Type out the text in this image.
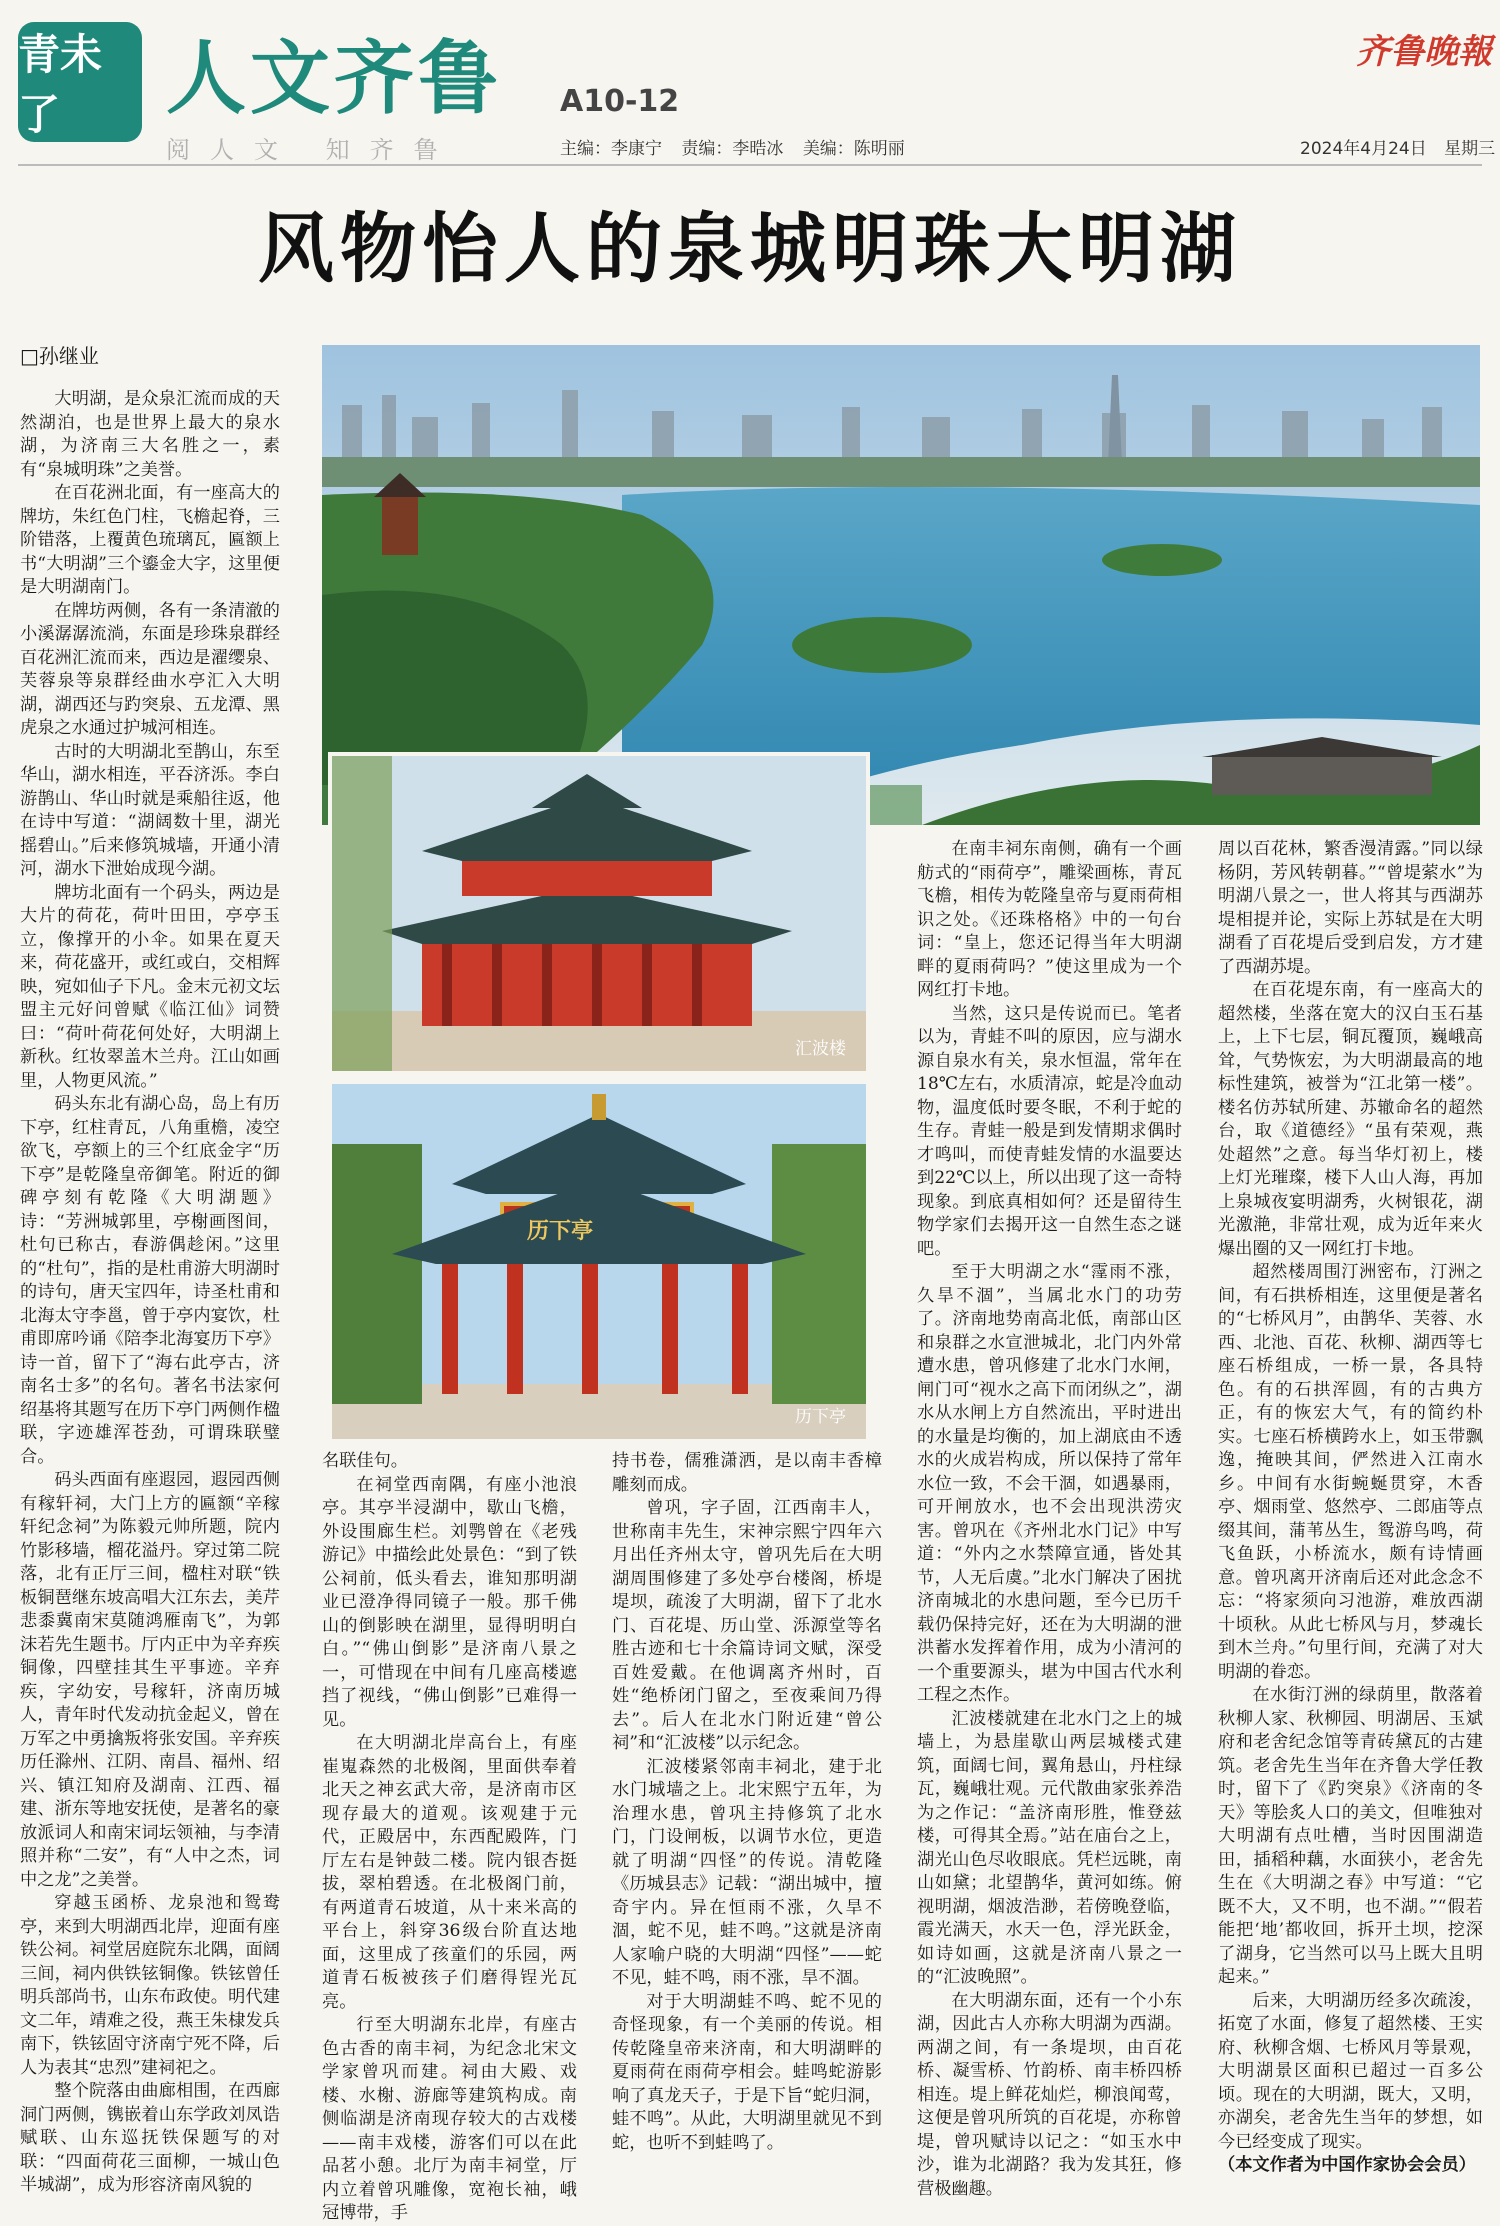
青未了	人文齐鲁 A10-12
阅人文 知齐鲁	主编：李康宁 责编：李晧冰 美编：陈明丽
齐鲁晚報
2024年4月24日 星期三
风物怡人的泉城明珠大明湖
□孙继业
汇波楼
历下亭
历下亭

大明湖，是众泉汇流而成的天然湖泊，也是世界上最大的泉水湖，为济南三大名胜之一，素有“泉城明珠”之美誉。

在百花洲北面，有一座高大的牌坊，朱红色门柱，飞檐起脊，三阶错落，上覆黄色琉璃瓦，匾额上书“大明湖”三个鎏金大字，这里便是大明湖南门。

在牌坊两侧，各有一条清澈的小溪潺潺流淌，东面是珍珠泉群经百花洲汇流而来，西边是濯缨泉、芙蓉泉等泉群经曲水亭汇入大明湖，湖西还与趵突泉、五龙潭、黑虎泉之水通过护城河相连。

古时的大明湖北至鹊山，东至华山，湖水相连，平吞济泺。李白游鹊山、华山时就是乘船往返，他在诗中写道：“湖阔数十里，湖光摇碧山。”后来修筑城墙，开通小清河，湖水下泄始成现今湖。

牌坊北面有一个码头，两边是大片的荷花，荷叶田田，亭亭玉立，像撑开的小伞。如果在夏天来，荷花盛开，或红或白，交相辉映，宛如仙子下凡。金末元初文坛盟主元好问曾赋《临江仙》词赞曰：“荷叶荷花何处好，大明湖上新秋。红妆翠盖木兰舟。江山如画里，人物更风流。”

码头东北有湖心岛，岛上有历下亭，红柱青瓦，八角重檐，凌空欲飞，亭额上的三个红底金字“历下亭”是乾隆皇帝御笔。附近的御碑亭刻有乾隆《大明湖题》诗：“芳洲城郭里，亭榭画图间，杜句已称古，春游偶趁闲。”这里的“杜句”，指的是杜甫游大明湖时的诗句，唐天宝四年，诗圣杜甫和北海太守李邕，曾于亭内宴饮，杜甫即席吟诵《陪李北海宴历下亭》诗一首，留下了“海右此亭古，济南名士多”的名句。著名书法家何绍基将其题写在历下亭门两侧作楹联，字迹雄浑苍劲，可谓珠联璧合。

码头西面有座遐园，遐园西侧有稼轩祠，大门上方的匾额“辛稼轩纪念祠”为陈毅元帅所题，院内竹影移墙，榴花溢丹。穿过第二院落，北有正厅三间，楹柱对联“铁板铜琶继东坡高唱大江东去，美芹悲黍冀南宋莫随鸿雁南飞”，为郭沫若先生题书。厅内正中为辛弃疾铜像，四壁挂其生平事迹。辛弃疾，字幼安，号稼轩，济南历城人，青年时代发动抗金起义，曾在万军之中勇擒叛将张安国。辛弃疾历任滁州、江阴、南昌、福州、绍兴、镇江知府及湖南、江西、福建、浙东等地安抚使，是著名的豪放派词人和南宋词坛领袖，与李清照并称“二安”，有“人中之杰，词中之龙”之美誉。

穿越玉函桥、龙泉池和鸳鸯亭，来到大明湖西北岸，迎面有座铁公祠。祠堂居庭院东北隅，面阔三间，祠内供铁铉铜像。铁铉曾任明兵部尚书，山东布政使。明代建文二年，靖难之役，燕王朱棣发兵南下，铁铉固守济南宁死不降，后人为表其“忠烈”建祠祀之。

整个院落由曲廊相围，在西廊洞门两侧，镌嵌着山东学政刘凤诰赋联、山东巡抚铁保题写的对联：“四面荷花三面柳，一城山色半城湖”，成为形容济南风貌的

名联佳句。

在祠堂西南隅，有座小池浪亭。其亭半浸湖中，歇山飞檐，外设围廊生栏。刘鹗曾在《老残游记》中描绘此处景色：“到了铁公祠前，低头看去，谁知那明湖业已澄净得同镜子一般。那千佛山的倒影映在湖里，显得明明白白。”“佛山倒影”是济南八景之一，可惜现在中间有几座高楼遮挡了视线，“佛山倒影”已难得一见。

在大明湖北岸高台上，有座崔嵬森然的北极阁，里面供奉着北天之神玄武大帝，是济南市区现存最大的道观。该观建于元代，正殿居中，东西配殿阵，门厅左右是钟鼓二楼。院内银杏挺拔，翠柏碧透。在北极阁门前，有两道青石坡道，从十来米高的平台上，斜穿36级台阶直达地面，这里成了孩童们的乐园，两道青石板被孩子们磨得锃光瓦亮。

行至大明湖东北岸，有座古色古香的南丰祠，为纪念北宋文学家曾巩而建。祠由大殿、戏楼、水榭、游廊等建筑构成。南侧临湖是济南现存较大的古戏楼——南丰戏楼，游客们可以在此品茗小憩。北厅为南丰祠堂，厅内立着曾巩雕像，宽袍长袖，峨冠博带，手

持书卷，儒雅潇洒，是以南丰香樟雕刻而成。

曾巩，字子固，江西南丰人，世称南丰先生，宋神宗熙宁四年六月出任齐州太守，曾巩先后在大明湖周围修建了多处亭台楼阁，桥堤堤坝，疏浚了大明湖，留下了北水门、百花堤、历山堂、泺源堂等名胜古迹和七十余篇诗词文赋，深受百姓爱戴。在他调离齐州时，百姓“绝桥闭门留之，至夜乘间乃得去”。后人在北水门附近建“曾公祠”和“汇波楼”以示纪念。

汇波楼紧邻南丰祠北，建于北水门城墙之上。北宋熙宁五年，为治理水患，曾巩主持修筑了北水门，门设闸板，以调节水位，更造就了明湖“四怪”的传说。清乾隆《历城县志》记载：“湖出城中，擅奇宇内。异在恒雨不涨，久旱不涸，蛇不见，蛙不鸣。”这就是济南人家喻户晓的大明湖“四怪”——蛇不见，蛙不鸣，雨不涨，旱不涸。

对于大明湖蛙不鸣、蛇不见的奇怪现象，有一个美丽的传说。相传乾隆皇帝来济南，和大明湖畔的夏雨荷在雨荷亭相会。蛙鸣蛇游影响了真龙天子，于是下旨“蛇归洞，蛙不鸣”。从此，大明湖里就见不到蛇，也听不到蛙鸣了。

在南丰祠东南侧，确有一个画舫式的“雨荷亭”，雕梁画栋，青瓦飞檐，相传为乾隆皇帝与夏雨荷相识之处。《还珠格格》中的一句台词：“皇上，您还记得当年大明湖畔的夏雨荷吗？”使这里成为一个网红打卡地。

当然，这只是传说而已。笔者以为，青蛙不叫的原因，应与湖水源自泉水有关，泉水恒温，常年在18℃左右，水质清凉，蛇是冷血动物，温度低时要冬眠，不利于蛇的生存。青蛙一般是到发情期求偶时才鸣叫，而使青蛙发情的水温要达到22℃以上，所以出现了这一奇特现象。到底真相如何？还是留待生物学家们去揭开这一自然生态之谜吧。

至于大明湖之水“霪雨不涨，久旱不涸”，当属北水门的功劳了。济南地势南高北低，南部山区和泉群之水宣泄城北，北门内外常遭水患，曾巩修建了北水门水闸，闸门可“视水之高下而闭纵之”，湖水从水闸上方自然流出，平时进出的水量是均衡的，加上湖底由不透水的火成岩构成，所以保持了常年水位一致，不会干涸，如遇暴雨，可开闸放水，也不会出现洪涝灾害。曾巩在《齐州北水门记》中写道：“外内之水禁障宣通，皆处其节，人无后虞。”北水门解决了困扰济南城北的水患问题，至今已历千载仍保持完好，还在为大明湖的泄洪蓄水发挥着作用，成为小清河的一个重要源头，堪为中国古代水利工程之杰作。

汇波楼就建在北水门之上的城墙上，为悬崖歇山两层城楼式建筑，面阔七间，翼角悬山，丹柱绿瓦，巍峨壮观。元代散曲家张养浩为之作记：“盖济南形胜，惟登兹楼，可得其全焉。”站在庙台之上，湖光山色尽收眼底。凭栏远眺，南山如黛；北望鹊华，黄河如练。俯视明湖，烟波浩渺，若傍晚登临，霞光满天，水天一色，浮光跃金，如诗如画，这就是济南八景之一的“汇波晚照”。

在大明湖东面，还有一个小东湖，因此古人亦称大明湖为西湖。两湖之间，有一条堤坝，由百花桥、凝雪桥、竹韵桥、南丰桥四桥相连。堤上鲜花灿烂，柳浪闻莺，这便是曾巩所筑的百花堤，亦称曾堤，曾巩赋诗以记之：“如玉水中沙，谁为北湖路？我为发其狂，修营极幽趣。

周以百花林，繁香漫清露。”同以绿杨阴，芳风转朝暮。”“曾堤萦水”为明湖八景之一，世人将其与西湖苏堤相提并论，实际上苏轼是在大明湖看了百花堤后受到启发，方才建了西湖苏堤。

在百花堤东南，有一座高大的超然楼，坐落在宽大的汉白玉石基上，上下七层，铜瓦覆顶，巍峨高耸，气势恢宏，为大明湖最高的地标性建筑，被誉为“江北第一楼”。楼名仿苏轼所建、苏辙命名的超然台，取《道德经》“虽有荣观，燕处超然”之意。每当华灯初上，楼上灯光璀璨，楼下人山人海，再加上泉城夜宴明湖秀，火树银花，湖光激滟，非常壮观，成为近年来火爆出圈的又一网红打卡地。

超然楼周围汀洲密布，汀洲之间，有石拱桥相连，这里便是著名的“七桥风月”，由鹊华、芙蓉、水西、北池、百花、秋柳、湖西等七座石桥组成，一桥一景，各具特色。有的石拱浑圆，有的古典方正，有的恢宏大气，有的简约朴实。七座石桥横跨水上，如玉带飘逸，掩映其间，俨然进入江南水乡。中间有水街蜿蜒贯穿，木香亭、烟雨堂、悠然亭、二郎庙等点缀其间，蒲苇丛生，鸳游鸟鸣，荷飞鱼跃，小桥流水，颇有诗情画意。曾巩离开济南后还对此念念不忘：“将家须向习池游，难放西湖十顷秋。从此七桥风与月，梦魂长到木兰舟。”句里行间，充满了对大明湖的眷恋。

在水街汀洲的绿荫里，散落着秋柳人家、秋柳园、明湖居、玉斌府和老舍纪念馆等青砖黛瓦的古建筑。老舍先生当年在齐鲁大学任教时，留下了《趵突泉》《济南的冬天》等脍炙人口的美文，但唯独对大明湖有点吐槽，当时因围湖造田，插稻种藕，水面狭小，老舍先生在《大明湖之春》中写道：“它既不大，又不明，也不湖。”“假若能把‘地’都收回，拆开土坝，挖深了湖身，它当然可以马上既大且明起来。”

后来，大明湖历经多次疏浚，拓宽了水面，修复了超然楼、王实府、秋柳含烟、七桥风月等景观，大明湖景区面积已超过一百多公顷。现在的大明湖，既大，又明，亦湖矣，老舍先生当年的梦想，如今已经变成了现实。

（本文作者为中国作家协会会员）
